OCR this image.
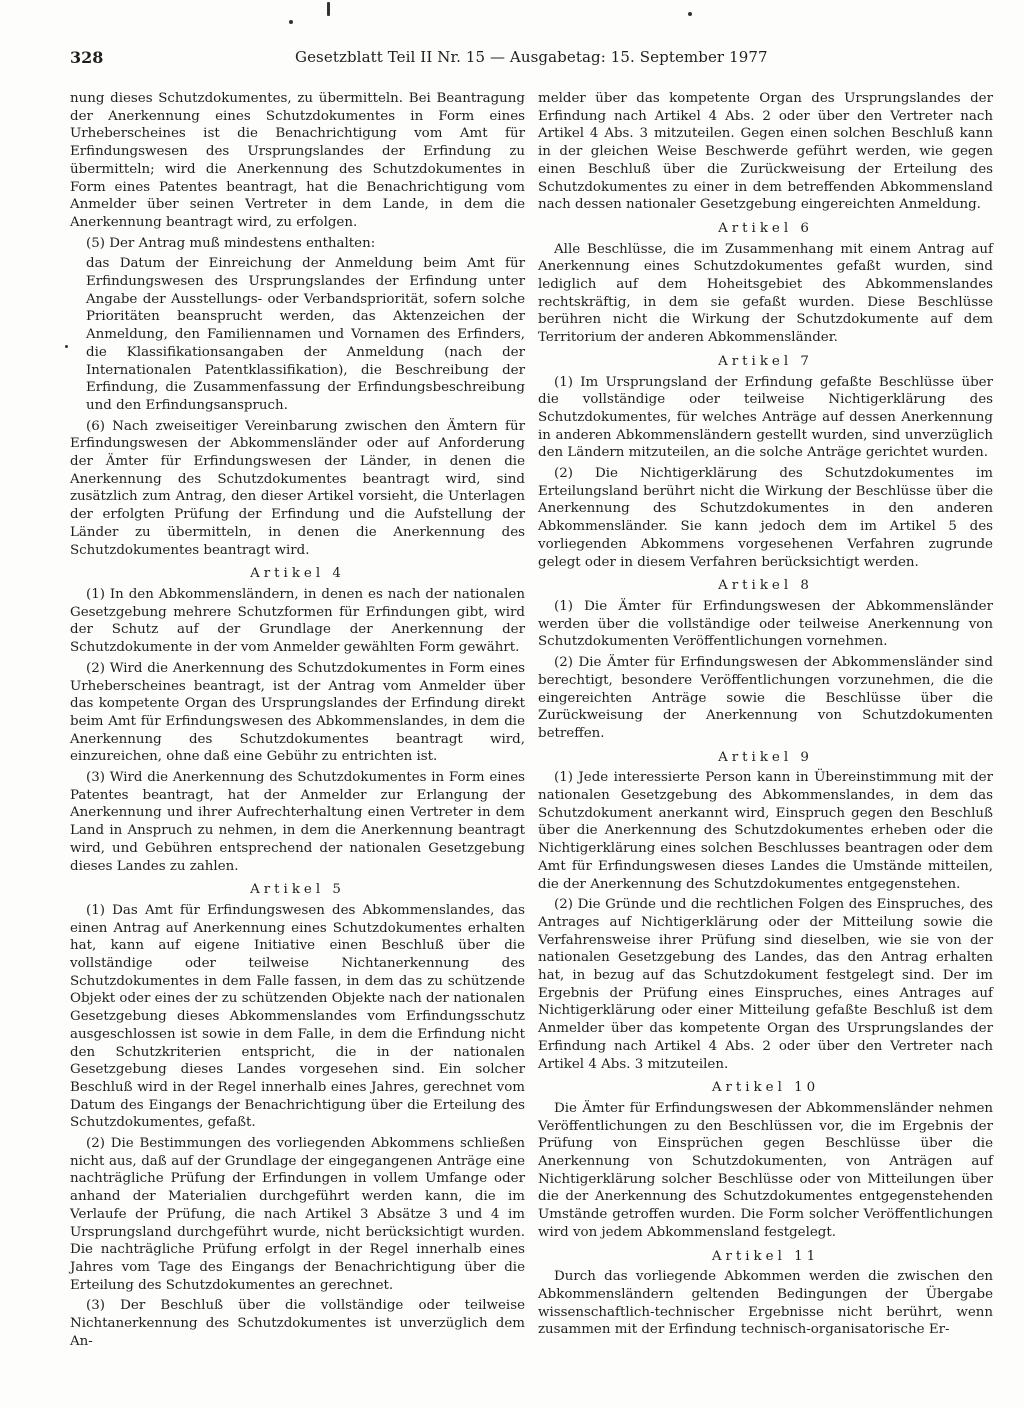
328	Gesetzblatt Teil II Nr. 15 — Ausgabetag: 15. September 1977
nung dieses Schutzdokumentes, zu übermitteln. Bei Beantragung der Anerkennung eines Schutzdokumentes in Form eines Urheberscheines ist die Benachrichtigung vom Amt für Erfindungswesen des Ursprungslandes der Erfindung zu übermitteln; wird die Anerkennung des Schutzdokumentes in Form eines Patentes beantragt, hat die Benachrichtigung vom Anmelder über seinen Vertreter in dem Lande, in dem die Anerkennung beantragt wird, zu erfolgen.
(5) Der Antrag muß mindestens enthalten:
das Datum der Einreichung der Anmeldung beim Amt für Erfindungswesen des Ursprungslandes der Erfindung unter Angabe der Ausstellungs- oder Verbandspriorität, sofern solche Prioritäten beansprucht werden, das Aktenzeichen der Anmeldung, den Familiennamen und Vornamen des Erfinders, die Klassifikationsangaben der Anmeldung (nach der Internationalen Patentklassifikation), die Beschreibung der Erfindung, die Zusammenfassung der Erfindungsbeschreibung und den Erfindungsanspruch.
(6) Nach zweiseitiger Vereinbarung zwischen den Ämtern für Erfindungswesen der Abkommensländer oder auf Anforderung der Ämter für Erfindungswesen der Länder, in denen die Anerkennung des Schutzdokumentes beantragt wird, sind zusätzlich zum Antrag, den dieser Artikel vorsieht, die Unterlagen der erfolgten Prüfung der Erfindung und die Aufstellung der Länder zu übermitteln, in denen die Anerkennung des Schutzdokumentes beantragt wird.
Artikel 4
(1) In den Abkommensländern, in denen es nach der nationalen Gesetzgebung mehrere Schutzformen für Erfindungen gibt, wird der Schutz auf der Grundlage der Anerkennung der Schutzdokumente in der vom Anmelder gewählten Form gewährt.
(2) Wird die Anerkennung des Schutzdokumentes in Form eines Urheberscheines beantragt, ist der Antrag vom Anmelder über das kompetente Organ des Ursprungslandes der Erfindung direkt beim Amt für Erfindungswesen des Abkommenslandes, in dem die Anerkennung des Schutzdokumentes beantragt wird, einzureichen, ohne daß eine Gebühr zu entrichten ist.
(3) Wird die Anerkennung des Schutzdokumentes in Form eines Patentes beantragt, hat der Anmelder zur Erlangung der Anerkennung und ihrer Aufrechterhaltung einen Vertreter in dem Land in Anspruch zu nehmen, in dem die Anerkennung beantragt wird, und Gebühren entsprechend der nationalen Gesetzgebung dieses Landes zu zahlen.
Artikel 5
(1) Das Amt für Erfindungswesen des Abkommenslandes, das einen Antrag auf Anerkennung eines Schutzdokumentes erhalten hat, kann auf eigene Initiative einen Beschluß über die vollständige oder teilweise Nichtanerkennung des Schutzdokumentes in dem Falle fassen, in dem das zu schützende Objekt oder eines der zu schützenden Objekte nach der nationalen Gesetzgebung dieses Abkommenslandes vom Erfindungsschutz ausgeschlossen ist sowie in dem Falle, in dem die Erfindung nicht den Schutzkriterien entspricht, die in der nationalen Gesetzgebung dieses Landes vorgesehen sind. Ein solcher Beschluß wird in der Regel innerhalb eines Jahres, gerechnet vom Datum des Eingangs der Benachrichtigung über die Erteilung des Schutzdokumentes, gefaßt.
(2) Die Bestimmungen des vorliegenden Abkommens schließen nicht aus, daß auf der Grundlage der eingegangenen Anträge eine nachträgliche Prüfung der Erfindungen in vollem Umfange oder anhand der Materialien durchgeführt werden kann, die im Verlaufe der Prüfung, die nach Artikel 3 Absätze 3 und 4 im Ursprungsland durchgeführt wurde, nicht berücksichtigt wurden. Die nachträgliche Prüfung erfolgt in der Regel innerhalb eines Jahres vom Tage des Eingangs der Benachrichtigung über die Erteilung des Schutzdokumentes an gerechnet.
(3) Der Beschluß über die vollständige oder teilweise Nichtanerkennung des Schutzdokumentes ist unverzüglich dem An-
melder über das kompetente Organ des Ursprungslandes der Erfindung nach Artikel 4 Abs. 2 oder über den Vertreter nach Artikel 4 Abs. 3 mitzuteilen. Gegen einen solchen Beschluß kann in der gleichen Weise Beschwerde geführt werden, wie gegen einen Beschluß über die Zurückweisung der Erteilung des Schutzdokumentes zu einer in dem betreffenden Abkommensland nach dessen nationaler Gesetzgebung eingereichten Anmeldung.
Artikel 6
Alle Beschlüsse, die im Zusammenhang mit einem Antrag auf Anerkennung eines Schutzdokumentes gefaßt wurden, sind lediglich auf dem Hoheitsgebiet des Abkommenslandes rechtskräftig, in dem sie gefaßt wurden. Diese Beschlüsse berühren nicht die Wirkung der Schutzdokumente auf dem Territorium der anderen Abkommensländer.
Artikel 7
(1) Im Ursprungsland der Erfindung gefaßte Beschlüsse über die vollständige oder teilweise Nichtigerklärung des Schutzdokumentes, für welches Anträge auf dessen Anerkennung in anderen Abkommensländern gestellt wurden, sind unverzüglich den Ländern mitzuteilen, an die solche Anträge gerichtet wurden.
(2) Die Nichtigerklärung des Schutzdokumentes im Erteilungsland berührt nicht die Wirkung der Beschlüsse über die Anerkennung des Schutzdokumentes in den anderen Abkommensländer. Sie kann jedoch dem im Artikel 5 des vorliegenden Abkommens vorgesehenen Verfahren zugrunde gelegt oder in diesem Verfahren berücksichtigt werden.
Artikel 8
(1) Die Ämter für Erfindungswesen der Abkommensländer werden über die vollständige oder teilweise Anerkennung von Schutzdokumenten Veröffentlichungen vornehmen.
(2) Die Ämter für Erfindungswesen der Abkommensländer sind berechtigt, besondere Veröffentlichungen vorzunehmen, die die eingereichten Anträge sowie die Beschlüsse über die Zurückweisung der Anerkennung von Schutzdokumenten betreffen.
Artikel 9
(1) Jede interessierte Person kann in Übereinstimmung mit der nationalen Gesetzgebung des Abkommenslandes, in dem das Schutzdokument anerkannt wird, Einspruch gegen den Beschluß über die Anerkennung des Schutzdokumentes erheben oder die Nichtigerklärung eines solchen Beschlusses beantragen oder dem Amt für Erfindungswesen dieses Landes die Umstände mitteilen, die der Anerkennung des Schutzdokumentes entgegenstehen.
(2) Die Gründe und die rechtlichen Folgen des Einspruches, des Antrages auf Nichtigerklärung oder der Mitteilung sowie die Verfahrensweise ihrer Prüfung sind dieselben, wie sie von der nationalen Gesetzgebung des Landes, das den Antrag erhalten hat, in bezug auf das Schutzdokument festgelegt sind. Der im Ergebnis der Prüfung eines Einspruches, eines Antrages auf Nichtigerklärung oder einer Mitteilung gefaßte Beschluß ist dem Anmelder über das kompetente Organ des Ursprungslandes der Erfindung nach Artikel 4 Abs. 2 oder über den Vertreter nach Artikel 4 Abs. 3 mitzuteilen.
Artikel 10
Die Ämter für Erfindungswesen der Abkommensländer nehmen Veröffentlichungen zu den Beschlüssen vor, die im Ergebnis der Prüfung von Einsprüchen gegen Beschlüsse über die Anerkennung von Schutzdokumenten, von Anträgen auf Nichtigerklärung solcher Beschlüsse oder von Mitteilungen über die der Anerkennung des Schutzdokumentes entgegenstehenden Umstände getroffen wurden. Die Form solcher Veröffentlichungen wird von jedem Abkommensland festgelegt.
Artikel 11
Durch das vorliegende Abkommen werden die zwischen den Abkommensländern geltenden Bedingungen der Übergabe wissenschaftlich-technischer Ergebnisse nicht berührt, wenn zusammen mit der Erfindung technisch-organisatorische Er-
